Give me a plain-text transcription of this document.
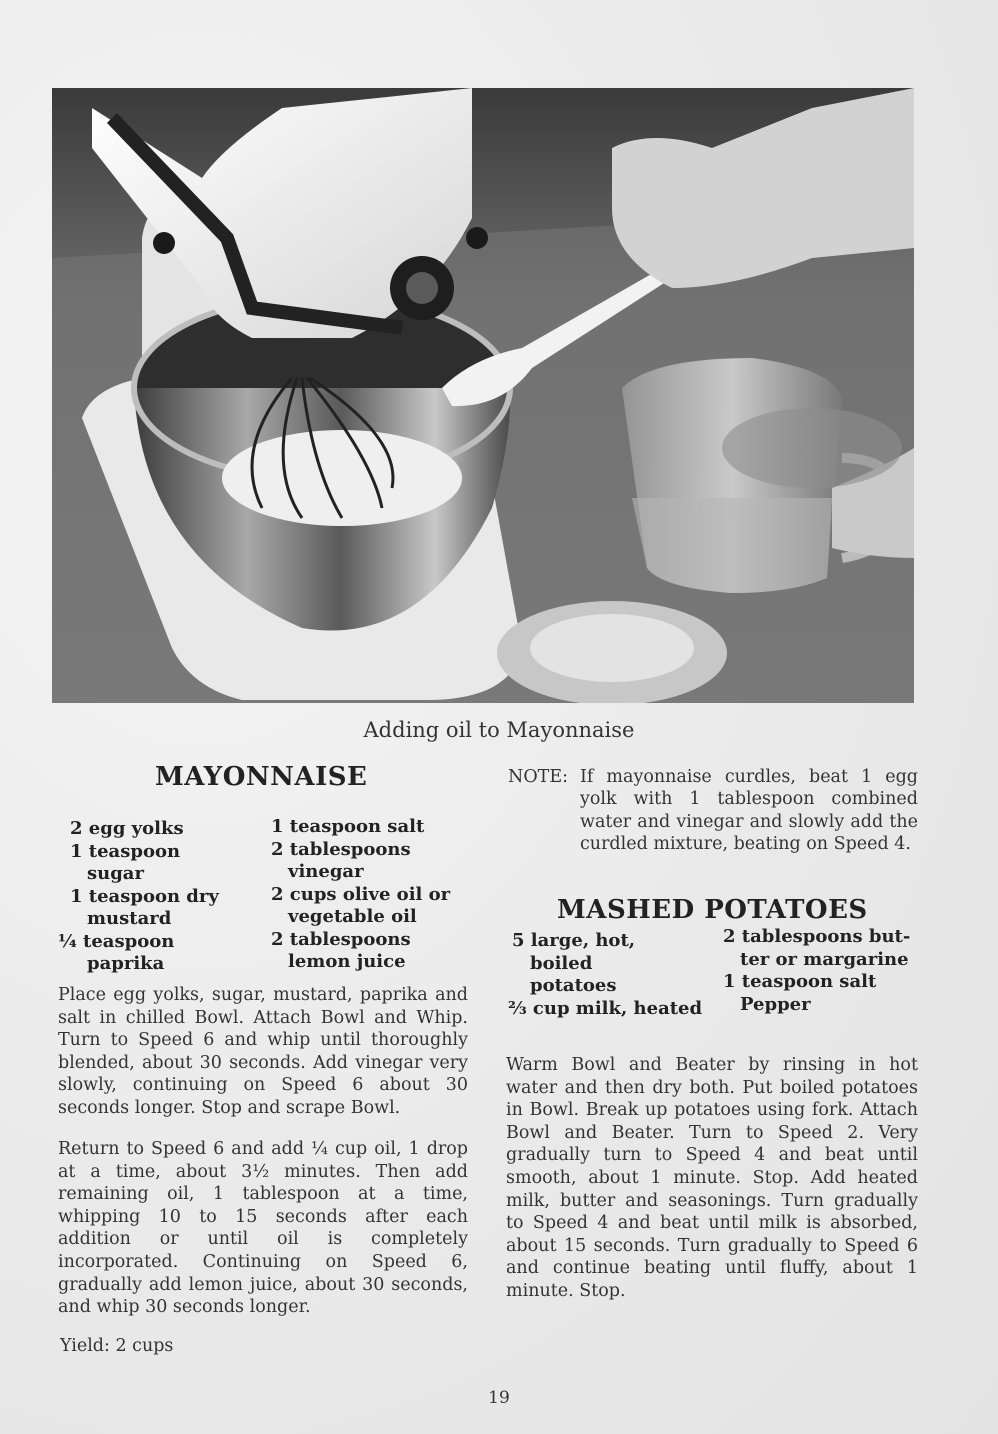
Adding oil to Mayonnaise
MAYONNAISE
2 egg yolks
1 teaspoon
sugar
1 teaspoon dry
mustard
¼ teaspoon
paprika
1 teaspoon salt
2 tablespoons
vinegar
2 cups olive oil or
vegetable oil
2 tablespoons
lemon juice

Place egg yolks, sugar, mustard, paprika and salt in chilled Bowl. Attach Bowl and Whip. Turn to Speed 6 and whip until thoroughly blended, about 30 seconds. Add vinegar very slowly, continuing on Speed 6 about 30 seconds longer. Stop and scrape Bowl.

Return to Speed 6 and add ¼ cup oil, 1 drop at a time, about 3½ minutes. Then add remaining oil, 1 tablespoon at a time, whipping 10 to 15 seconds after each addition or until oil is completely incorporated. Continuing on Speed 6, gradually add lemon juice, about 30 seconds, and whip 30 seconds longer.

Yield: 2 cups
NOTE: If mayonnaise curdles, beat 1 egg yolk with 1 tablespoon combined water and vinegar and slowly add the curdled mixture, beating on Speed 4.
MASHED POTATOES
5 large, hot,
boiled
potatoes
⅔ cup milk, heated
2 tablespoons but-
ter or margarine
1 teaspoon salt
Pepper

Warm Bowl and Beater by rinsing in hot water and then dry both. Put boiled potatoes in Bowl. Break up potatoes using fork. Attach Bowl and Beater. Turn to Speed 2. Very gradually turn to Speed 4 and beat until smooth, about 1 minute. Stop. Add heated milk, butter and seasonings. Turn gradually to Speed 4 and beat until milk is absorbed, about 15 seconds. Turn gradually to Speed 6 and continue beating until fluffy, about 1 minute. Stop.

19
